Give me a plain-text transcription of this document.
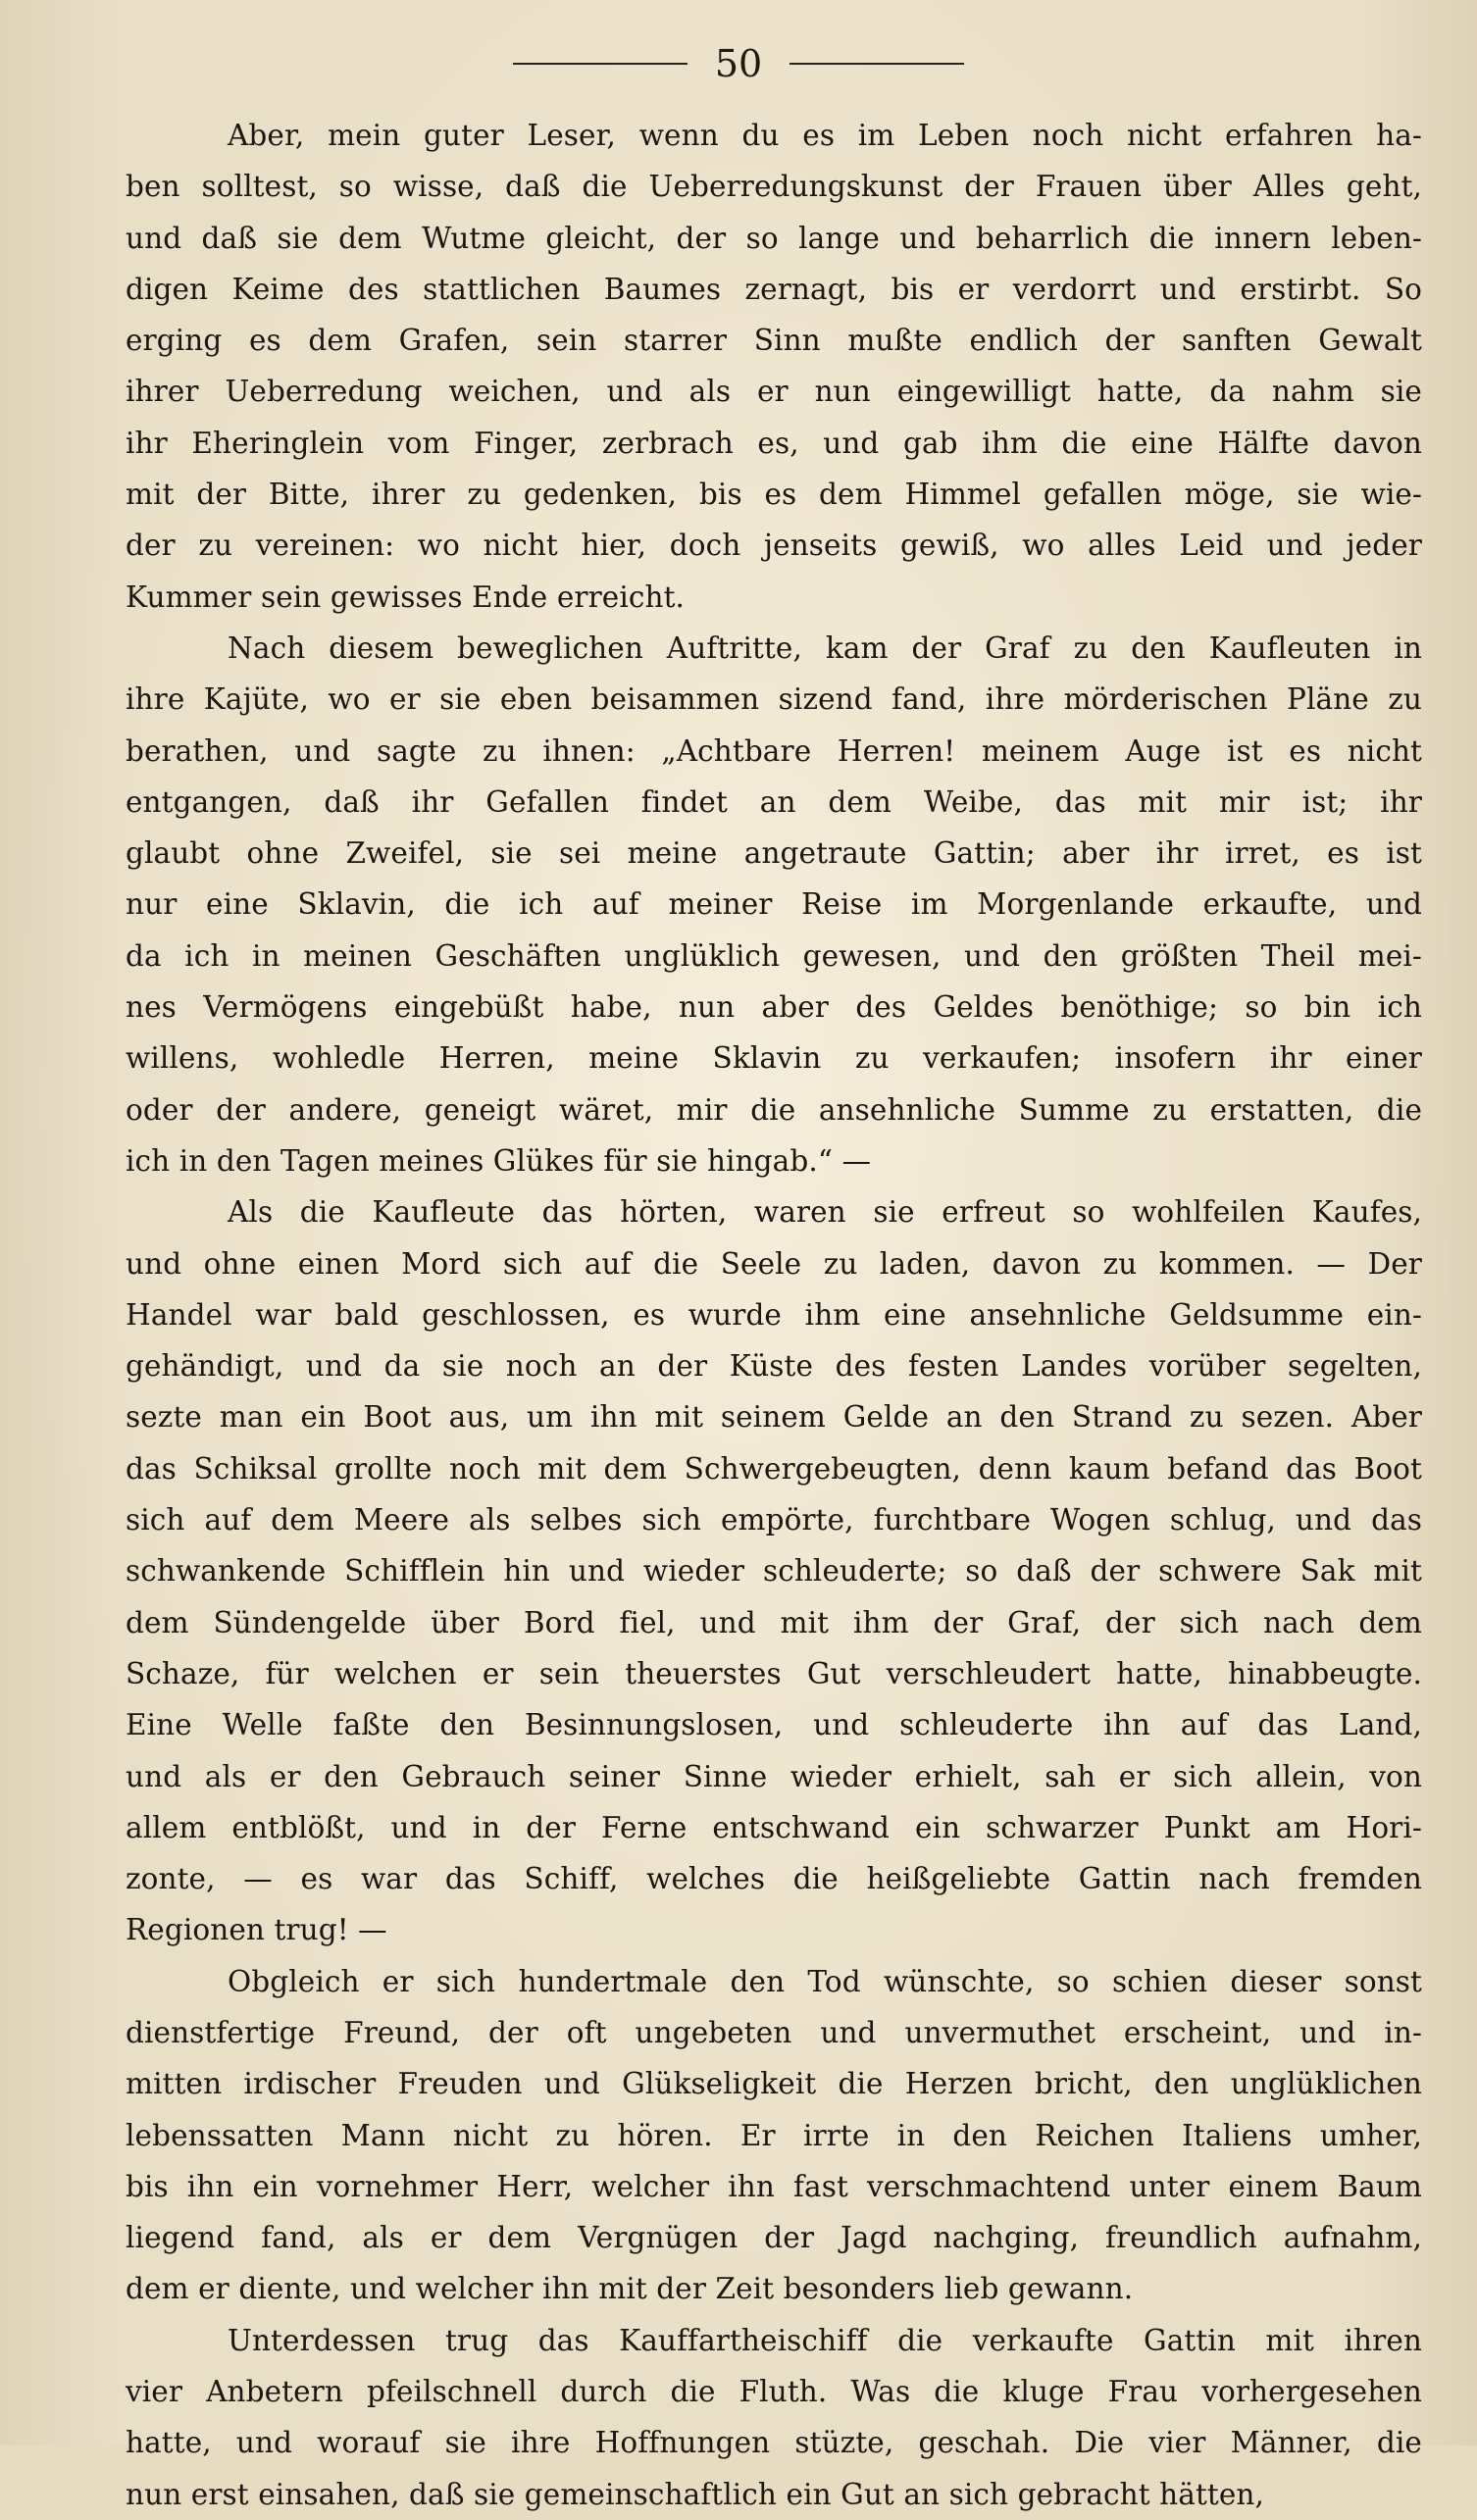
50
Aber, mein guter Leser, wenn du es im Leben noch nicht erfahren ha-
ben solltest, so wisse, daß die Ueberredungskunst der Frauen über Alles geht,
und daß sie dem Wutme gleicht, der so lange und beharrlich die innern leben-
digen Keime des stattlichen Baumes zernagt, bis er verdorrt und erstirbt. So
erging es dem Grafen, sein starrer Sinn mußte endlich der sanften Gewalt
ihrer Ueberredung weichen, und als er nun eingewilligt hatte, da nahm sie
ihr Eheringlein vom Finger, zerbrach es, und gab ihm die eine Hälfte davon
mit der Bitte, ihrer zu gedenken, bis es dem Himmel gefallen möge, sie wie-
der zu vereinen: wo nicht hier, doch jenseits gewiß, wo alles Leid und jeder
Kummer sein gewisses Ende erreicht.
Nach diesem beweglichen Auftritte, kam der Graf zu den Kaufleuten in
ihre Kajüte, wo er sie eben beisammen sizend fand, ihre mörderischen Pläne zu
berathen, und sagte zu ihnen: „Achtbare Herren! meinem Auge ist es nicht
entgangen, daß ihr Gefallen findet an dem Weibe, das mit mir ist; ihr
glaubt ohne Zweifel, sie sei meine angetraute Gattin; aber ihr irret, es ist
nur eine Sklavin, die ich auf meiner Reise im Morgenlande erkaufte, und
da ich in meinen Geschäften unglüklich gewesen, und den größten Theil mei-
nes Vermögens eingebüßt habe, nun aber des Geldes benöthige; so bin ich
willens, wohledle Herren, meine Sklavin zu verkaufen; insofern ihr einer
oder der andere, geneigt wäret, mir die ansehnliche Summe zu erstatten, die
ich in den Tagen meines Glükes für sie hingab.“ —
Als die Kaufleute das hörten, waren sie erfreut so wohlfeilen Kaufes,
und ohne einen Mord sich auf die Seele zu laden, davon zu kommen. — Der
Handel war bald geschlossen, es wurde ihm eine ansehnliche Geldsumme ein-
gehändigt, und da sie noch an der Küste des festen Landes vorüber segelten,
sezte man ein Boot aus, um ihn mit seinem Gelde an den Strand zu sezen. Aber
das Schiksal grollte noch mit dem Schwergebeugten, denn kaum befand das Boot
sich auf dem Meere als selbes sich empörte, furchtbare Wogen schlug, und das
schwankende Schifflein hin und wieder schleuderte; so daß der schwere Sak mit
dem Sündengelde über Bord fiel, und mit ihm der Graf, der sich nach dem
Schaze, für welchen er sein theuerstes Gut verschleudert hatte, hinabbeugte.
Eine Welle faßte den Besinnungslosen, und schleuderte ihn auf das Land,
und als er den Gebrauch seiner Sinne wieder erhielt, sah er sich allein, von
allem entblößt, und in der Ferne entschwand ein schwarzer Punkt am Hori-
zonte, — es war das Schiff, welches die heißgeliebte Gattin nach fremden
Regionen trug! —
Obgleich er sich hundertmale den Tod wünschte, so schien dieser sonst
dienstfertige Freund, der oft ungebeten und unvermuthet erscheint, und in-
mitten irdischer Freuden und Glükseligkeit die Herzen bricht, den unglüklichen
lebenssatten Mann nicht zu hören. Er irrte in den Reichen Italiens umher,
bis ihn ein vornehmer Herr, welcher ihn fast verschmachtend unter einem Baum
liegend fand, als er dem Vergnügen der Jagd nachging, freundlich aufnahm,
dem er diente, und welcher ihn mit der Zeit besonders lieb gewann.
Unterdessen trug das Kauffartheischiff die verkaufte Gattin mit ihren
vier Anbetern pfeilschnell durch die Fluth. Was die kluge Frau vorhergesehen
hatte, und worauf sie ihre Hoffnungen stüzte, geschah. Die vier Männer, die
nun erst einsahen, daß sie gemeinschaftlich ein Gut an sich gebracht hätten,
